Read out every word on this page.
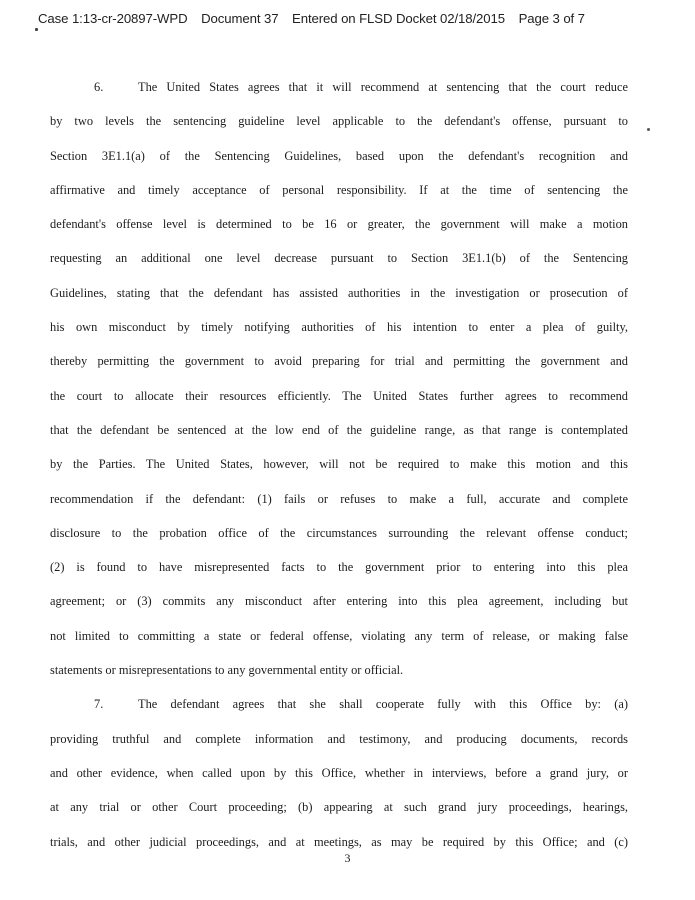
Case 1:13-cr-20897-WPD Document 37 Entered on FLSD Docket 02/18/2015 Page 3 of 7
6.	The United States agrees that it will recommend at sentencing that the court reduce
by two levels the sentencing guideline level applicable to the defendant's offense, pursuant to
Section 3E1.1(a) of the Sentencing Guidelines, based upon the defendant's recognition and
affirmative and timely acceptance of personal responsibility. If at the time of sentencing the
defendant's offense level is determined to be 16 or greater, the government will make a motion
requesting an additional one level decrease pursuant to Section 3E1.1(b) of the Sentencing
Guidelines, stating that the defendant has assisted authorities in the investigation or prosecution of
his own misconduct by timely notifying authorities of his intention to enter a plea of guilty,
thereby permitting the government to avoid preparing for trial and permitting the government and
the court to allocate their resources efficiently. The United States further agrees to recommend
that the defendant be sentenced at the low end of the guideline range, as that range is contemplated
by the Parties. The United States, however, will not be required to make this motion and this
recommendation if the defendant: (1) fails or refuses to make a full, accurate and complete
disclosure to the probation office of the circumstances surrounding the relevant offense conduct;
(2) is found to have misrepresented facts to the government prior to entering into this plea
agreement; or (3) commits any misconduct after entering into this plea agreement, including but
not limited to committing a state or federal offense, violating any term of release, or making false
statements or misrepresentations to any governmental entity or official.
7.	The defendant agrees that she shall cooperate fully with this Office by: (a)
providing truthful and complete information and testimony, and producing documents, records
and other evidence, when called upon by this Office, whether in interviews, before a grand jury, or
at any trial or other Court proceeding; (b) appearing at such grand jury proceedings, hearings,
trials, and other judicial proceedings, and at meetings, as may be required by this Office; and (c)
3
